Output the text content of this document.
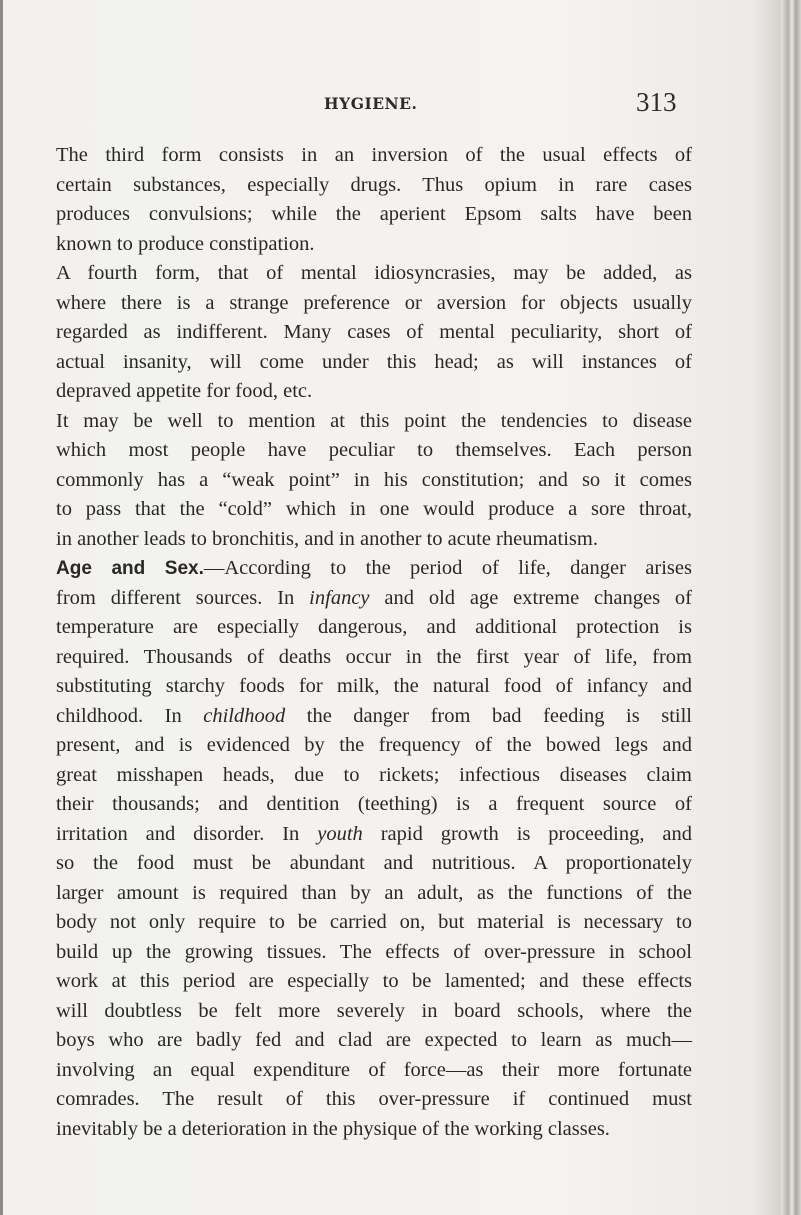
HYGIENE.	313
The third form consists in an inversion of the usual effects of
certain substances, especially drugs. Thus opium in rare cases
produces convulsions; while the aperient Epsom salts have been
known to produce constipation.
A fourth form, that of mental idiosyncrasies, may be added, as
where there is a strange preference or aversion for objects usually
regarded as indifferent. Many cases of mental peculiarity, short of
actual insanity, will come under this head; as will instances of
depraved appetite for food, etc.
It may be well to mention at this point the tendencies to disease
which most people have peculiar to themselves. Each person
commonly has a “weak point” in his constitution; and so it comes
to pass that the “cold” which in one would produce a sore throat,
in another leads to bronchitis, and in another to acute rheumatism.
Age and Sex.—According to the period of life, danger arises
from different sources. In infancy and old age extreme changes of
temperature are especially dangerous, and additional protection is
required. Thousands of deaths occur in the first year of life, from
substituting starchy foods for milk, the natural food of infancy and
childhood. In childhood the danger from bad feeding is still
present, and is evidenced by the frequency of the bowed legs and
great misshapen heads, due to rickets; infectious diseases claim
their thousands; and dentition (teething) is a frequent source of
irritation and disorder. In youth rapid growth is proceeding, and
so the food must be abundant and nutritious. A proportionately
larger amount is required than by an adult, as the functions of the
body not only require to be carried on, but material is necessary to
build up the growing tissues. The effects of over-pressure in school
work at this period are especially to be lamented; and these effects
will doubtless be felt more severely in board schools, where the
boys who are badly fed and clad are expected to learn as much—
involving an equal expenditure of force—as their more fortunate
comrades. The result of this over-pressure if continued must
inevitably be a deterioration in the physique of the working classes.
